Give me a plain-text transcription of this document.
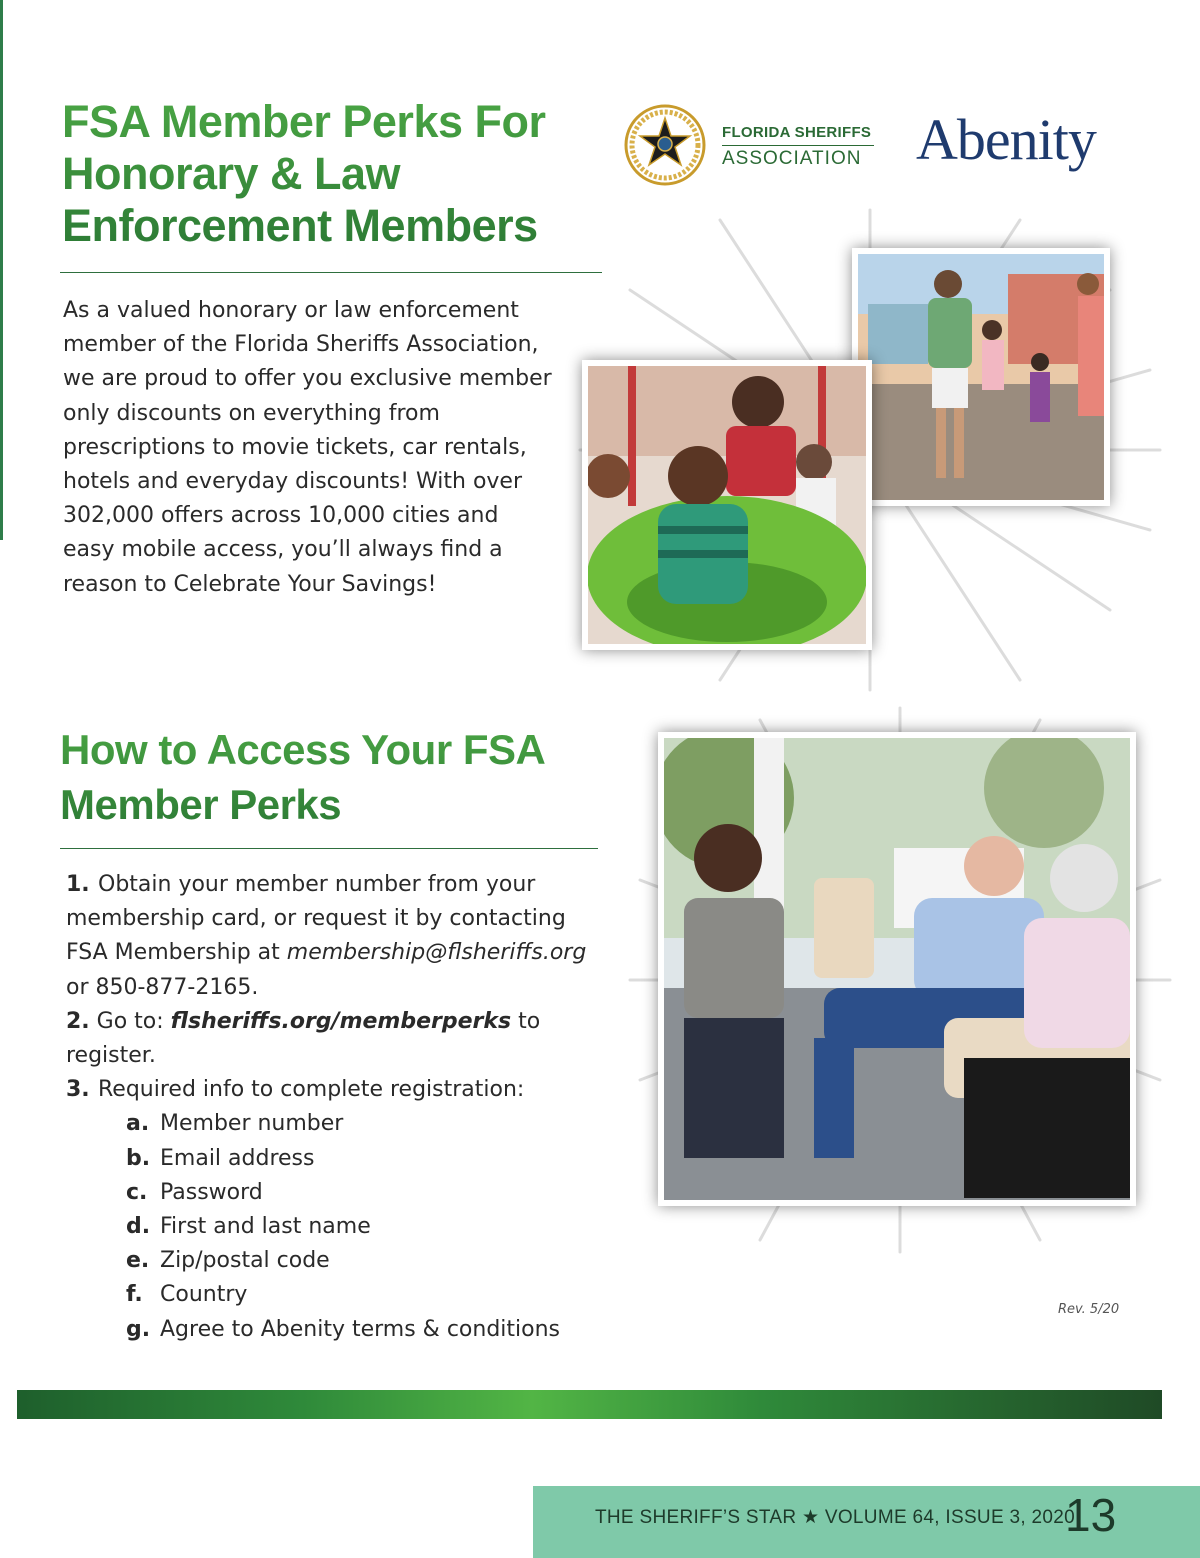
FSA Member Perks For Honorary & Law Enforcement Members

As a valued honorary or law enforcement member of the Florida Sheriffs Association, we are proud to offer you exclusive member only discounts on everything from prescriptions to movie tickets, car rentals, hotels and everyday discounts! With over 302,000 offers across 10,000 cities and easy mobile access, you’ll always find a reason to Celebrate Your Savings!

FLORIDA SHERIFFS
ASSOCIATION Abenity
How to Access Your FSA Member Perks
1. Obtain your member number from your
membership card, or request it by contacting
FSA Membership at membership@flsheriffs.org
or 850-877-2165.
2. Go to: flsheriffs.org/memberperks to register.
3. Required info to complete registration:
a. Member number
b. Email address
c. Password
d. First and last name
e. Zip/postal code
f. Country
g. Agree to Abenity terms & conditions
Rev. 5/20
THE SHERIFF’S STAR ★ VOLUME 64, ISSUE 3, 2020
13
